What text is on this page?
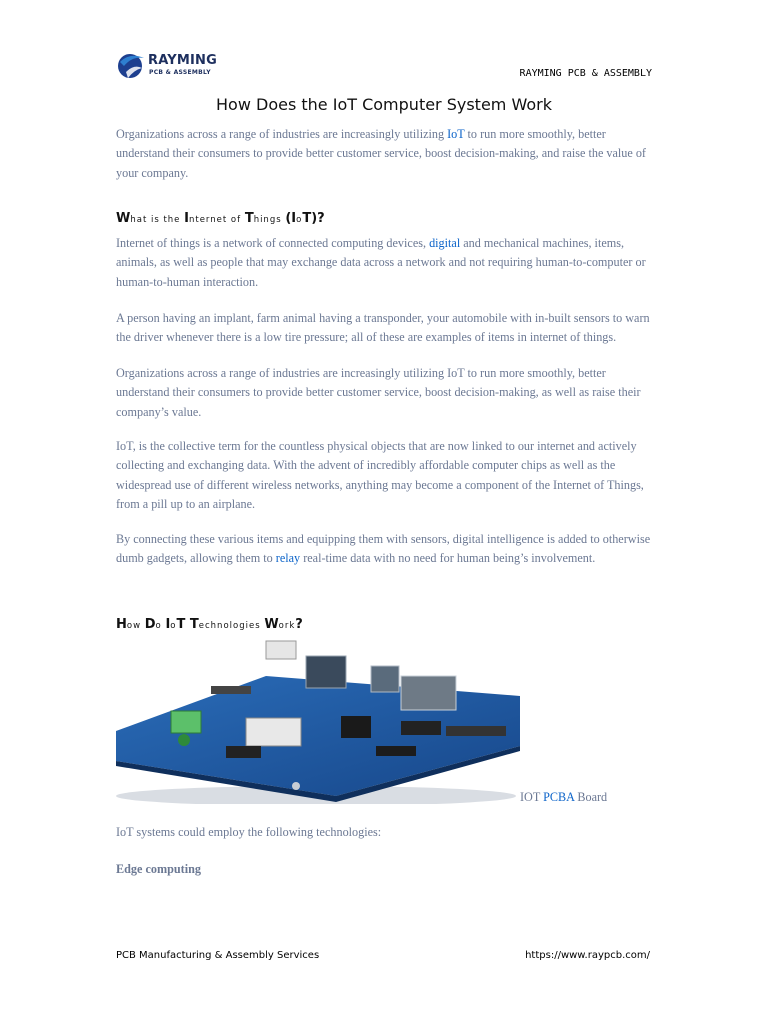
RAYMING
PCB & ASSEMBLY	RAYMING PCB & ASSEMBLY
How Does the IoT Computer System Work

Organizations across a range of industries are increasingly utilizing IoT to run more smoothly, better understand their consumers to provide better customer service, boost decision-making, and raise the value of your company.

What is the Internet of Things (IoT)?

Internet of things is a network of connected computing devices, digital and mechanical machines, items, animals, as well as people that may exchange data across a network and not requiring human-to-computer or human-to-human interaction.

A person having an implant, farm animal having a transponder, your automobile with in-built sensors to warn the driver whenever there is a low tire pressure; all of these are examples of items in internet of things.

Organizations across a range of industries are increasingly utilizing IoT to run more smoothly, better understand their consumers to provide better customer service, boost decision-making, as well as raise their company’s value.

IoT, is the collective term for the countless physical objects that are now linked to our internet and actively collecting and exchanging data. With the advent of incredibly affordable computer chips as well as the widespread use of different wireless networks, anything may become a component of the Internet of Things, from a pill up to an airplane.

By connecting these various items and equipping them with sensors, digital intelligence is added to otherwise dumb gadgets, allowing them to relay real-time data with no need for human being’s involvement.

How Do IoT Technologies Work?
IOT PCBA Board

IoT systems could employ the following technologies:

Edge computing
PCB Manufacturing & Assembly Services	https://www.raypcb.com/
